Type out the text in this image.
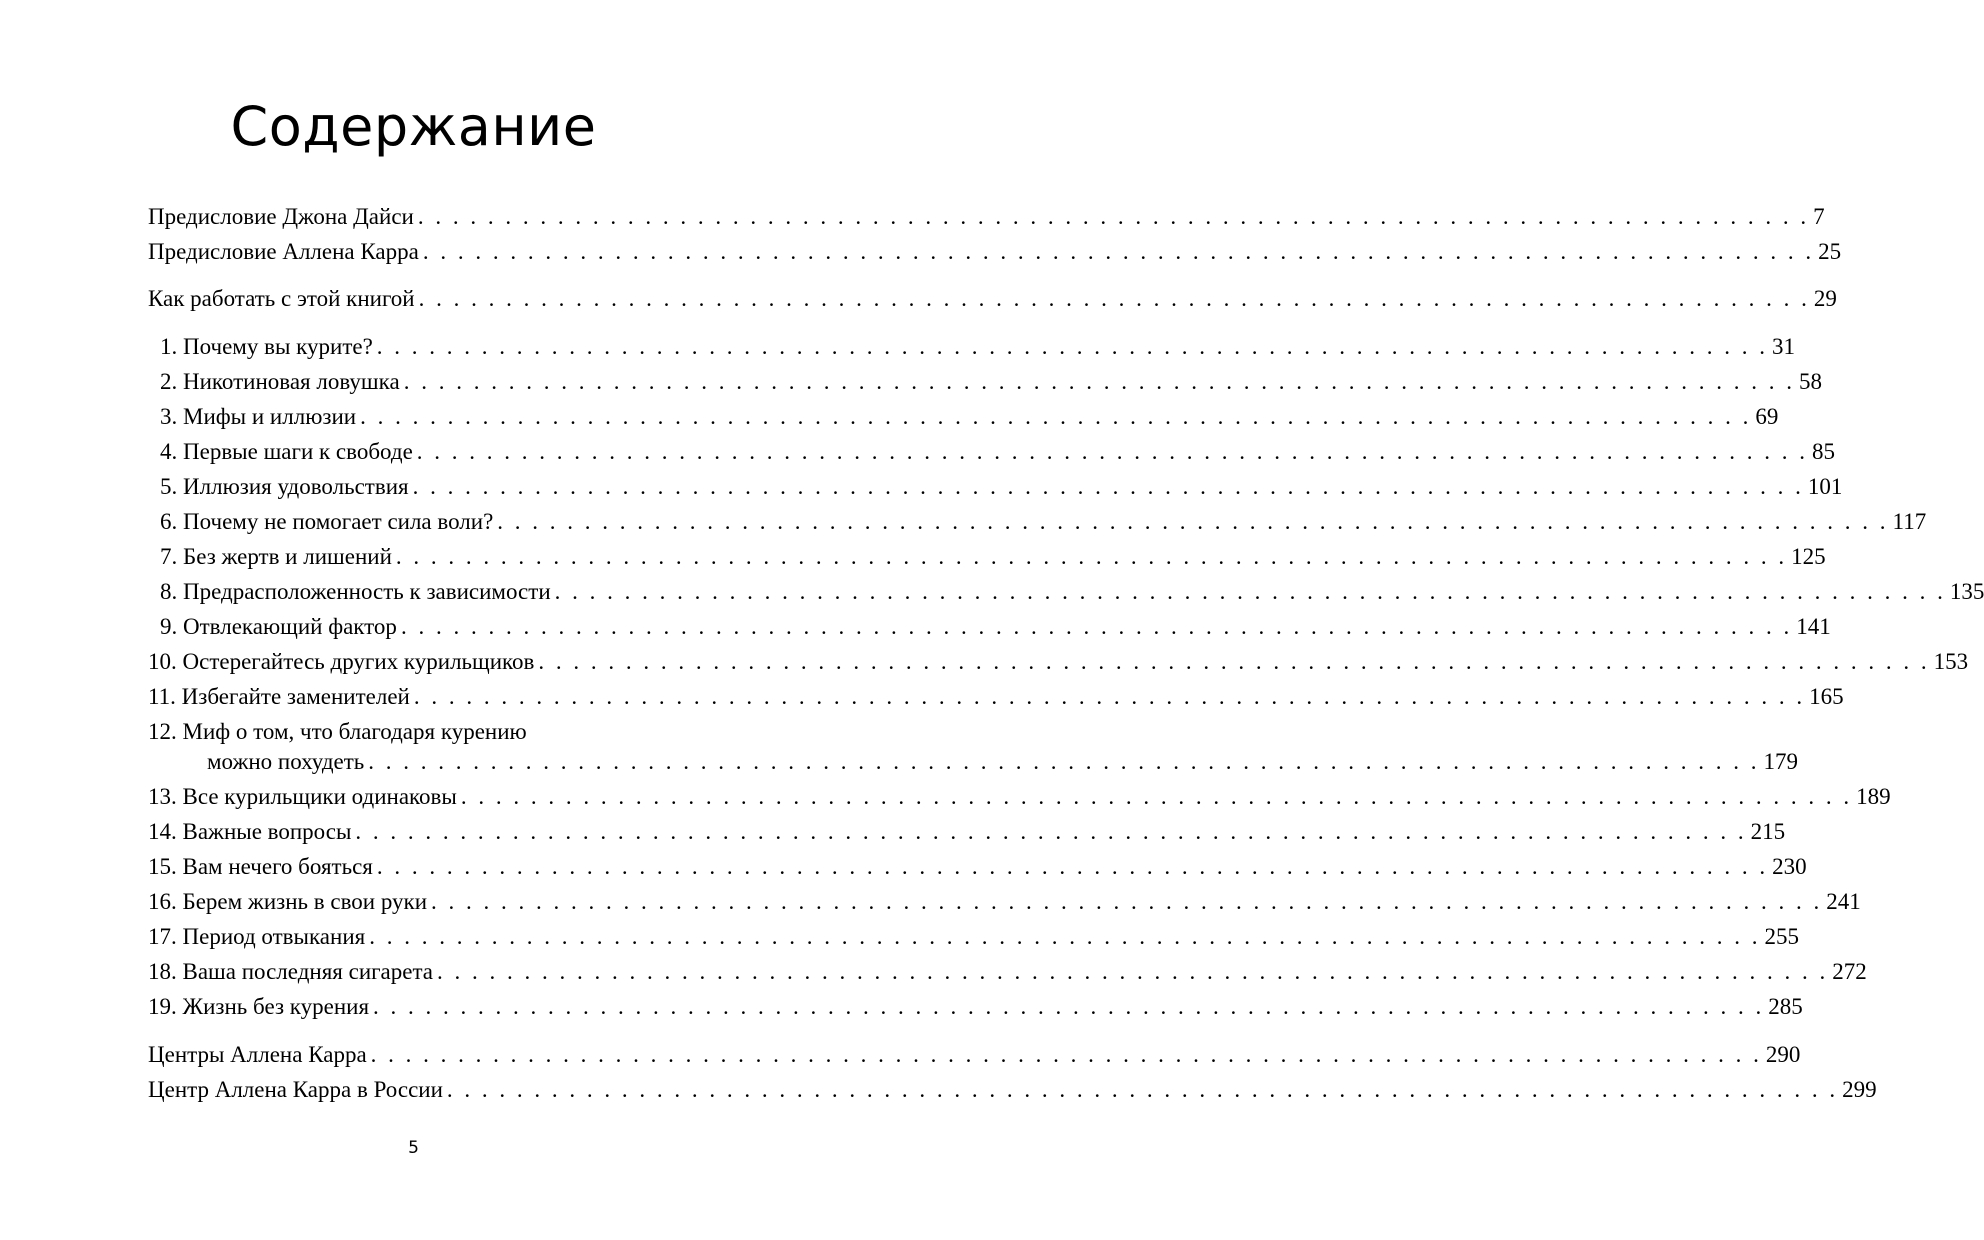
Содержание
Предисловие Джона Дайси . . . . . . . . . . . . . . . . . . . . . . . . . . . . . . . . . . . . . . . . . . . . . . . . . . . . . . . . . . . . . . . . . . . . . . . . . . . . . . . . 7
Предисловие Аллена Карра . . . . . . . . . . . . . . . . . . . . . . . . . . . . . . . . . . . . . . . . . . . . . . . . . . . . . . . . . . . . . . . . . . . . . . . . . . . . . . . . 25
Как работать с этой книгой . . . . . . . . . . . . . . . . . . . . . . . . . . . . . . . . . . . . . . . . . . . . . . . . . . . . . . . . . . . . . . . . . . . . . . . . . . . . . . . . 29
1. Почему вы курите? . . . . . . . . . . . . . . . . . . . . . . . . . . . . . . . . . . . . . . . . . . . . . . . . . . . . . . . . . . . . . . . . . . . . . . . . . . . . . . . . 31
2. Никотиновая ловушка . . . . . . . . . . . . . . . . . . . . . . . . . . . . . . . . . . . . . . . . . . . . . . . . . . . . . . . . . . . . . . . . . . . . . . . . . . . . . . . . 58
3. Мифы и иллюзии . . . . . . . . . . . . . . . . . . . . . . . . . . . . . . . . . . . . . . . . . . . . . . . . . . . . . . . . . . . . . . . . . . . . . . . . . . . . . . . . 69
4. Первые шаги к свободе . . . . . . . . . . . . . . . . . . . . . . . . . . . . . . . . . . . . . . . . . . . . . . . . . . . . . . . . . . . . . . . . . . . . . . . . . . . . . . . . 85
5. Иллюзия удовольствия . . . . . . . . . . . . . . . . . . . . . . . . . . . . . . . . . . . . . . . . . . . . . . . . . . . . . . . . . . . . . . . . . . . . . . . . . . . . . . . . 101
6. Почему не помогает сила воли? . . . . . . . . . . . . . . . . . . . . . . . . . . . . . . . . . . . . . . . . . . . . . . . . . . . . . . . . . . . . . . . . . . . . . . . . . . . . . . . . 117
7. Без жертв и лишений . . . . . . . . . . . . . . . . . . . . . . . . . . . . . . . . . . . . . . . . . . . . . . . . . . . . . . . . . . . . . . . . . . . . . . . . . . . . . . . . 125
8. Предрасположенность к зависимости . . . . . . . . . . . . . . . . . . . . . . . . . . . . . . . . . . . . . . . . . . . . . . . . . . . . . . . . . . . . . . . . . . . . . . . . . . . . . . . . 135
9. Отвлекающий фактор . . . . . . . . . . . . . . . . . . . . . . . . . . . . . . . . . . . . . . . . . . . . . . . . . . . . . . . . . . . . . . . . . . . . . . . . . . . . . . . . 141
10. Остерегайтесь других курильщиков . . . . . . . . . . . . . . . . . . . . . . . . . . . . . . . . . . . . . . . . . . . . . . . . . . . . . . . . . . . . . . . . . . . . . . . . . . . . . . . . 153
11. Избегайте заменителей . . . . . . . . . . . . . . . . . . . . . . . . . . . . . . . . . . . . . . . . . . . . . . . . . . . . . . . . . . . . . . . . . . . . . . . . . . . . . . . . 165
12. Миф о том, что благодаря курению
можно похудеть . . . . . . . . . . . . . . . . . . . . . . . . . . . . . . . . . . . . . . . . . . . . . . . . . . . . . . . . . . . . . . . . . . . . . . . . . . . . . . . . 179
13. Все курильщики одинаковы . . . . . . . . . . . . . . . . . . . . . . . . . . . . . . . . . . . . . . . . . . . . . . . . . . . . . . . . . . . . . . . . . . . . . . . . . . . . . . . . 189
14. Важные вопросы . . . . . . . . . . . . . . . . . . . . . . . . . . . . . . . . . . . . . . . . . . . . . . . . . . . . . . . . . . . . . . . . . . . . . . . . . . . . . . . . 215
15. Вам нечего бояться . . . . . . . . . . . . . . . . . . . . . . . . . . . . . . . . . . . . . . . . . . . . . . . . . . . . . . . . . . . . . . . . . . . . . . . . . . . . . . . . 230
16. Берем жизнь в свои руки . . . . . . . . . . . . . . . . . . . . . . . . . . . . . . . . . . . . . . . . . . . . . . . . . . . . . . . . . . . . . . . . . . . . . . . . . . . . . . . . 241
17. Период отвыкания . . . . . . . . . . . . . . . . . . . . . . . . . . . . . . . . . . . . . . . . . . . . . . . . . . . . . . . . . . . . . . . . . . . . . . . . . . . . . . . . 255
18. Ваша последняя сигарета . . . . . . . . . . . . . . . . . . . . . . . . . . . . . . . . . . . . . . . . . . . . . . . . . . . . . . . . . . . . . . . . . . . . . . . . . . . . . . . . 272
19. Жизнь без курения . . . . . . . . . . . . . . . . . . . . . . . . . . . . . . . . . . . . . . . . . . . . . . . . . . . . . . . . . . . . . . . . . . . . . . . . . . . . . . . . 285
Центры Аллена Карра . . . . . . . . . . . . . . . . . . . . . . . . . . . . . . . . . . . . . . . . . . . . . . . . . . . . . . . . . . . . . . . . . . . . . . . . . . . . . . . . 290
Центр Аллена Карра в России . . . . . . . . . . . . . . . . . . . . . . . . . . . . . . . . . . . . . . . . . . . . . . . . . . . . . . . . . . . . . . . . . . . . . . . . . . . . . . . . 299
5
